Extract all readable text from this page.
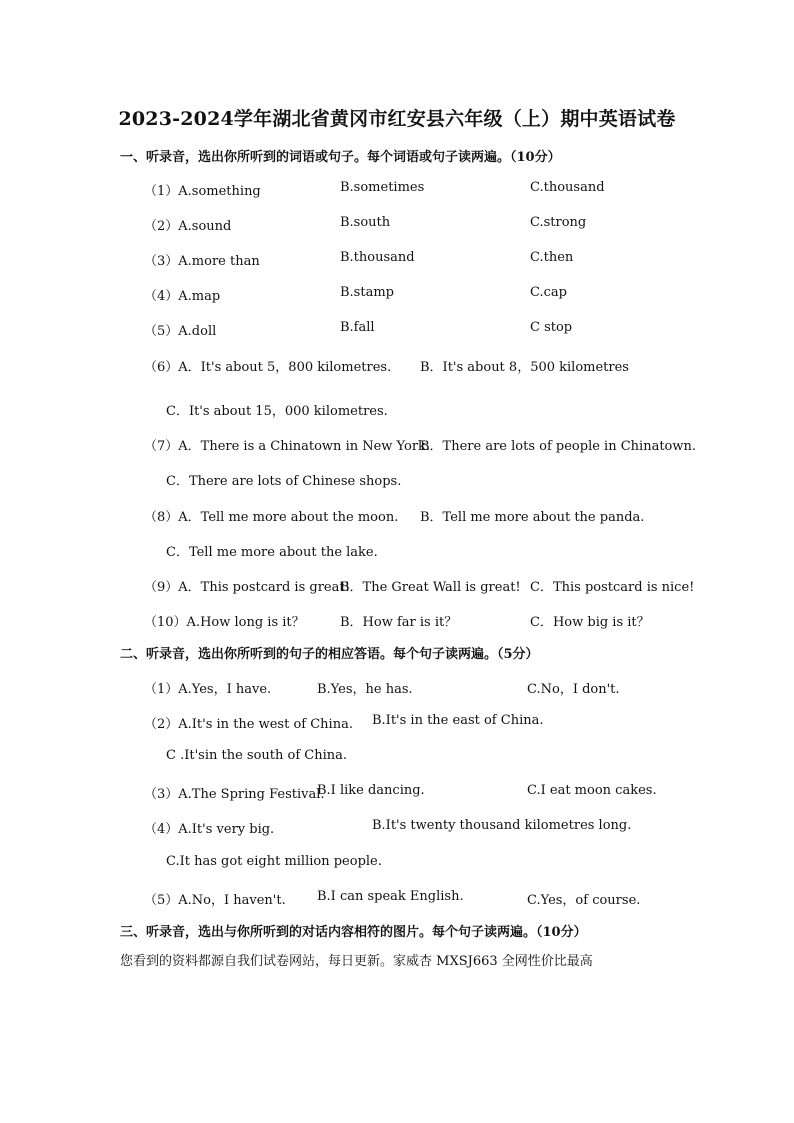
2023-2024学年湖北省黄冈市红安县六年级（上）期中英语试卷
一、听录音，选出你所听到的词语或句子。每个词语或句子读两遍。（10分）
（1）A.something	B.sometimes	C.thousand
（2）A.sound	B.south	C.strong
（3）A.more than	B.thousand	C.then
（4）A.map	B.stamp	C.cap
（5）A.doll	B.fall	C stop
（6）A．It's about 5，800 kilometres. B．It's about 8，500 kilometres
C．It's about 15，000 kilometres.
（7）A．There is a Chinatown in New York.
B．There are lots of people in Chinatown.
C．There are lots of Chinese shops.
（8）A．Tell me more about the moon. B．Tell me more about the panda.
C．Tell me more about the lake.
（9）A．This postcard is great!
B．The Great Wall is great! C．This postcard is nice!
（10）A.How long is it？	B．How far is it？	C．How big is it？
二、听录音，选出你所听到的句子的相应答语。每个句子读两遍。（5分）
（1）A.Yes，I have.	B.Yes，he has.	C.No，I don't.
（2）A.It's in the west of China. B.It's in the east of China.
C .It'sin the south of China.
（3）A.The Spring Festival.
B.I like dancing.	C.I eat moon cakes.
（4）A.It's very big.	B.It's twenty thousand kilometres long.
C.It has got eight million people.
（5）A.No，I haven't. B.I can speak English.	C.Yes，of course.
三、听录音，选出与你所听到的对话内容相符的图片。每个句子读两遍。（10分）
您看到的资料都源自我们试卷网站，每日更新。家威杏 MXSJ663 全网性价比最高
